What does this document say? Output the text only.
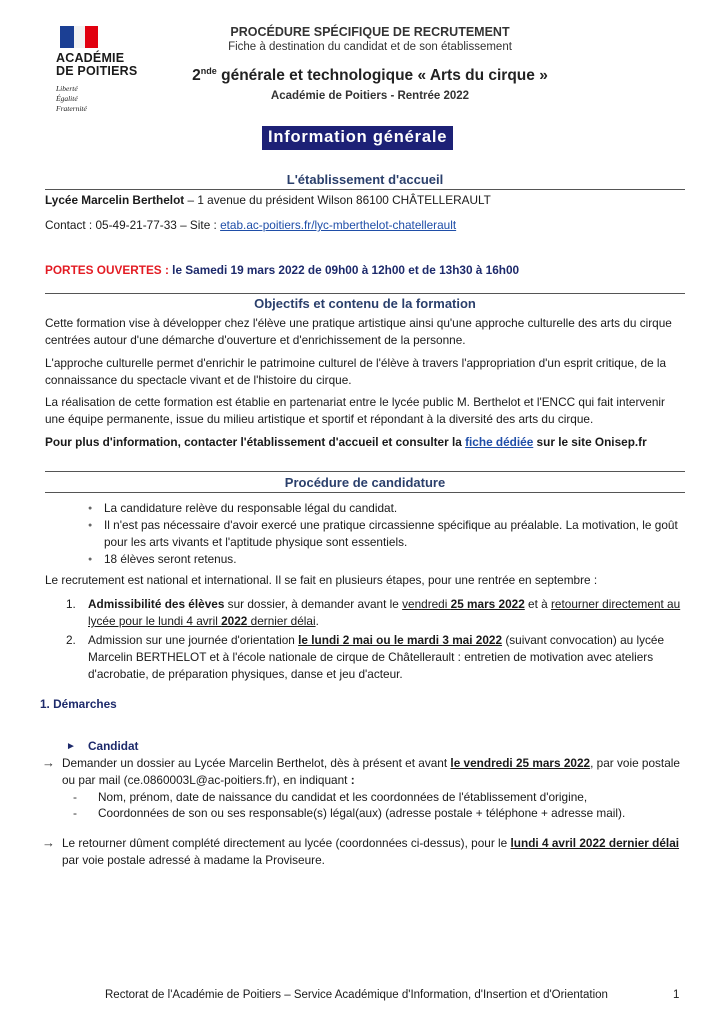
ACADÉMIE
DE POITIERS
Liberté
Égalité
Fraternité
PROCÉDURE SPÉCIFIQUE DE RECRUTEMENT
Fiche à destination du candidat et de son établissement
2nde générale et technologique « Arts du cirque »
Académie de Poitiers - Rentrée 2022
Information générale
L'établissement d'accueil
Lycée Marcelin Berthelot – 1 avenue du président Wilson 86100 CHÂTELLERAULT
Contact : 05-49-21-77-33 – Site : etab.ac-poitiers.fr/lyc-mberthelot-chatellerault
PORTES OUVERTES : le Samedi 19 mars 2022 de 09h00 à 12h00 et de 13h30 à 16h00
Objectifs et contenu de la formation
Cette formation vise à développer chez l'élève une pratique artistique ainsi qu'une approche culturelle des arts du cirque centrées autour d'une démarche d'ouverture et d'enrichissement de la personne.
L'approche culturelle permet d'enrichir le patrimoine culturel de l'élève à travers l'appropriation d'un esprit critique, de la connaissance du spectacle vivant et de l'histoire du cirque.
La réalisation de cette formation est établie en partenariat entre le lycée public M. Berthelot et l'ENCC qui fait intervenir une équipe permanente, issue du milieu artistique et sportif et répondant à la diversité des arts du cirque.
Pour plus d'information, contacter l'établissement d'accueil et consulter la fiche dédiée sur le site Onisep.fr
Procédure de candidature
● La candidature relève du responsable légal du candidat.
● Il n'est pas nécessaire d'avoir exercé une pratique circassienne spécifique au préalable. La motivation, le goût pour les arts vivants et l'aptitude physique sont essentiels.
● 18 élèves seront retenus.
Le recrutement est national et international. Il se fait en plusieurs étapes, pour une rentrée en septembre :
1.	Admissibilité des élèves sur dossier, à demander avant le vendredi 25 mars 2022 et à retourner directement au lycée pour le lundi 4 avril 2022 dernier délai.
2.	Admission sur une journée d'orientation le lundi 2 mai ou le mardi 3 mai 2022 (suivant convocation) au lycée Marcelin BERTHELOT et à l'école nationale de cirque de Châtellerault : entretien de motivation avec ateliers d'acrobatie, de préparation physiques, danse et jeu d'acteur.
1. Démarches
►	Candidat
→ Demander un dossier au Lycée Marcelin Berthelot, dès à présent et avant le vendredi 25 mars 2022, par voie postale ou par mail (ce.0860003L@ac-poitiers.fr), en indiquant :
- Nom, prénom, date de naissance du candidat et les coordonnées de l'établissement d'origine,
- Coordonnées de son ou ses responsable(s) légal(aux) (adresse postale + téléphone + adresse mail).
→ Le retourner dûment complété directement au lycée (coordonnées ci-dessus), pour le lundi 4 avril 2022 dernier délai par voie postale adressé à madame la Proviseure.
Rectorat de l'Académie de Poitiers – Service Académique d'Information, d'Insertion et d'Orientation	1
